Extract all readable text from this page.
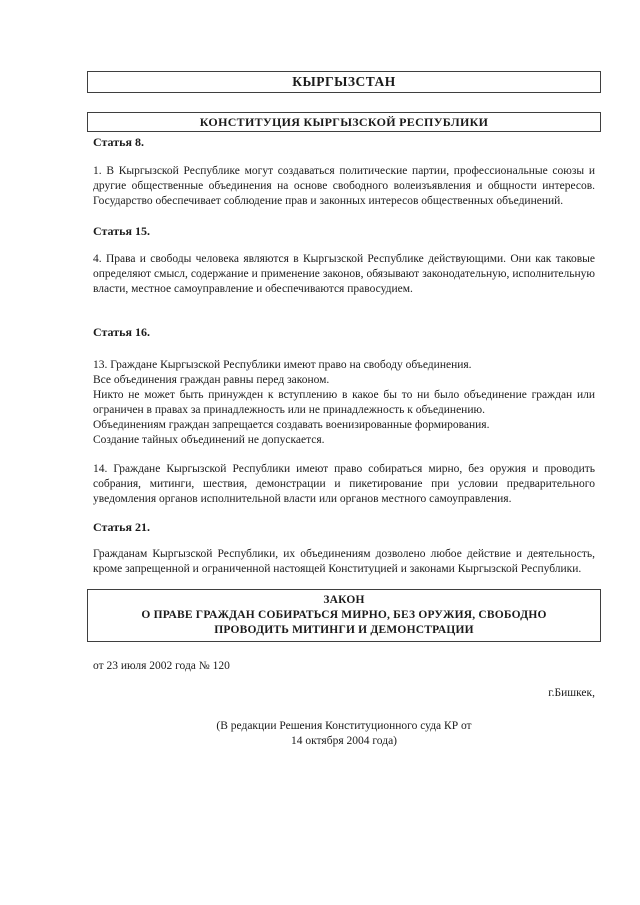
КЫРГЫЗСТАН
КОНСТИТУЦИЯ КЫРГЫЗСКОЙ РЕСПУБЛИКИ

Статья 8.

1. В Кыргызской Республике могут создаваться политические партии, профессиональные союзы и другие общественные объединения на основе свободного волеизъявления и общности интересов. Государство обеспечивает соблюдение прав и законных интересов общественных объединений.

Статья 15.

4. Права и свободы человека являются в Кыргызской Республике действующими. Они как таковые определяют смысл, содержание и применение законов, обязывают законодательную, исполнительную власти, местное самоуправление и обеспечиваются правосудием.

Статья 16.

13. Граждане Кыргызской Республики имеют право на свободу объединения.

Все объединения граждан равны перед законом.

Никто не может быть принужден к вступлению в какое бы то ни было объединение граждан или ограничен в правах за принадлежность или не принадлежность к объединению.

Объединениям граждан запрещается создавать военизированные формирования.

Создание тайных объединений не допускается.

14. Граждане Кыргызской Республики имеют право собираться мирно, без оружия и проводить собрания, митинги, шествия, демонстрации и пикетирование при условии предварительного уведомления органов исполнительной власти или органов местного самоуправления.

Статья 21.

Гражданам Кыргызской Республики, их объединениям дозволено любое действие и деятельность, кроме запрещенной и ограниченной настоящей Конституцией и законами Кыргызской Республики.

ЗАКОН

О ПРАВЕ ГРАЖДАН СОБИРАТЬСЯ МИРНО, БЕЗ ОРУЖИЯ, СВОБОДНО

ПРОВОДИТЬ МИТИНГИ И ДЕМОНСТРАЦИИ

от 23 июля 2002 года № 120

г.Бишкек,

(В редакции Решения Конституционного суда КР от

14 октября 2004 года)
